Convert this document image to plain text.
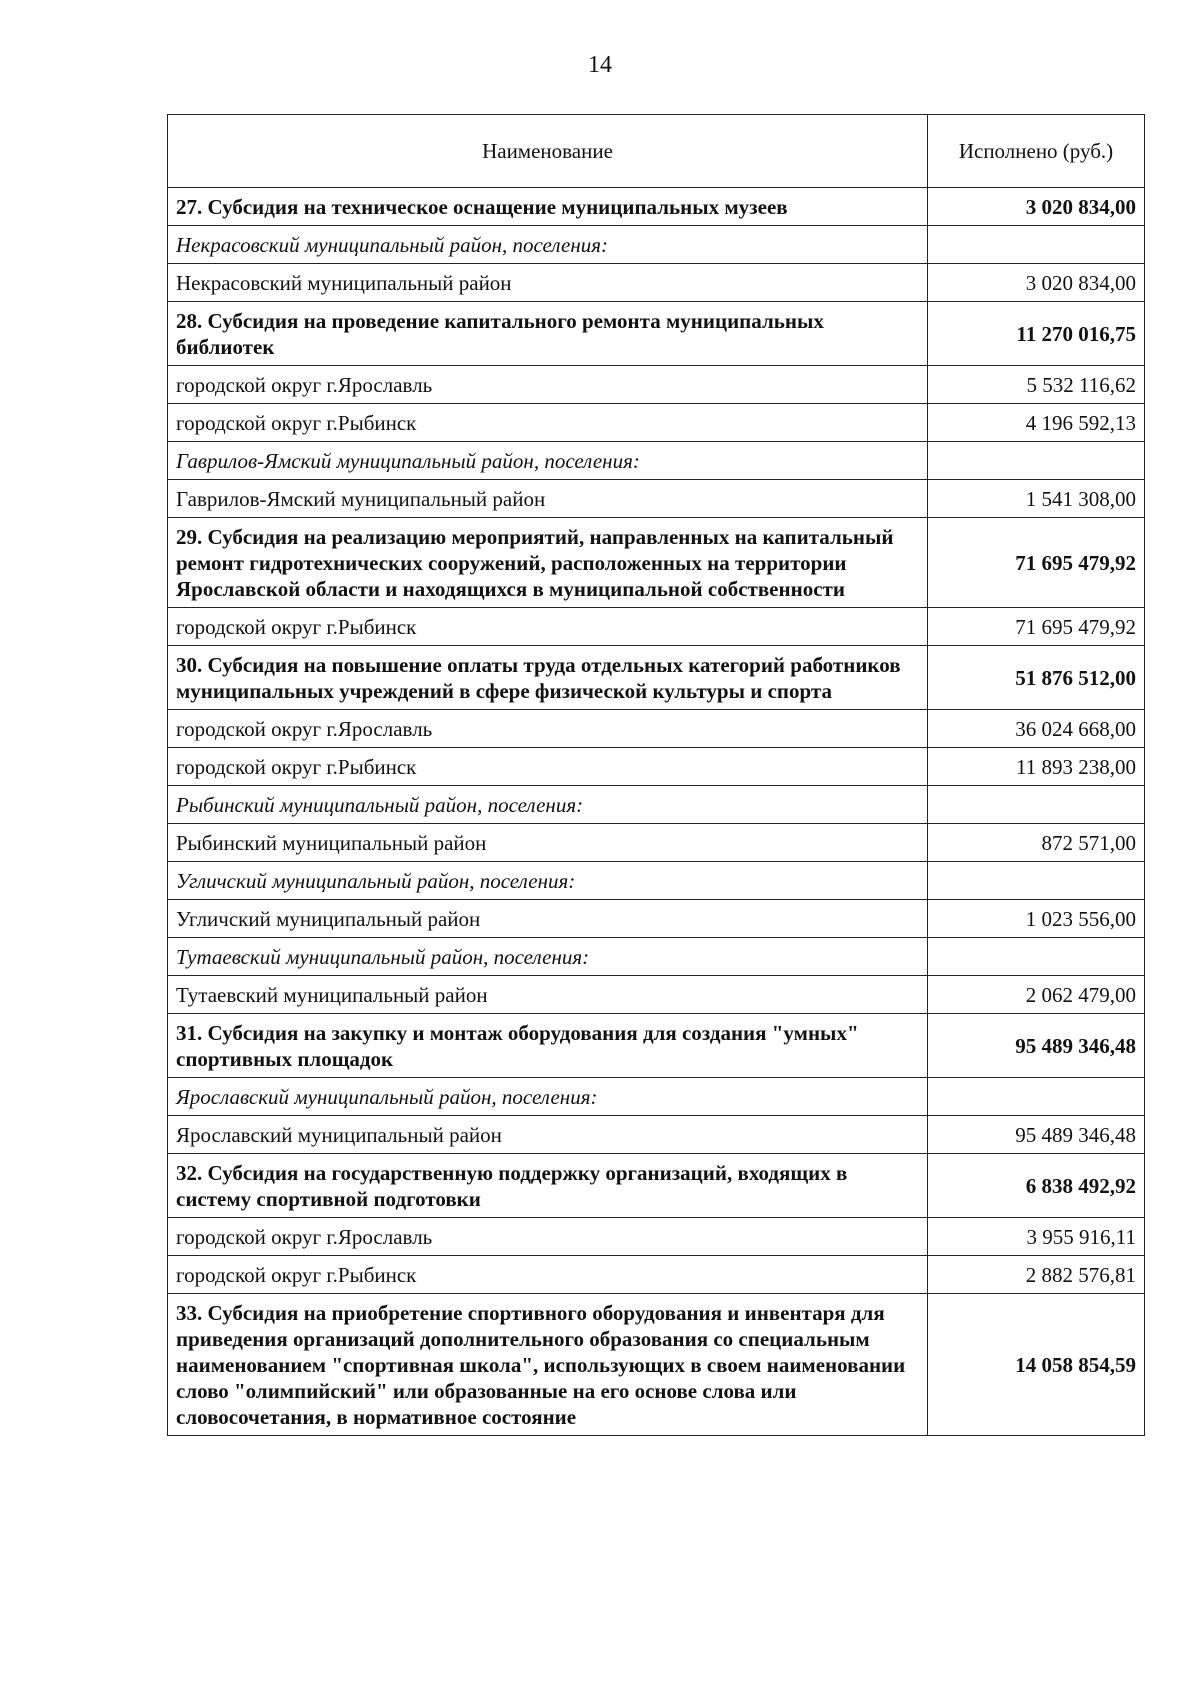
14
Наименование	Исполнено (руб.)
27. Субсидия на техническое оснащение муниципальных музеев	3 020 834,00
Некрасовский муниципальный район, поселения:	
Некрасовский муниципальный район	3 020 834,00
28. Субсидия на проведение капитального ремонта муниципальных библиотек	11 270 016,75
городской округ г.Ярославль	5 532 116,62
городской округ г.Рыбинск	4 196 592,13
Гаврилов-Ямский муниципальный район, поселения:	
Гаврилов-Ямский муниципальный район	1 541 308,00
29. Субсидия на реализацию мероприятий, направленных на капитальный ремонт гидротехнических сооружений, расположенных на территории Ярославской области и находящихся в муниципальной собственности	71 695 479,92
городской округ г.Рыбинск	71 695 479,92
30. Субсидия на повышение оплаты труда отдельных категорий работников муниципальных учреждений в сфере физической культуры и спорта	51 876 512,00
городской округ г.Ярославль	36 024 668,00
городской округ г.Рыбинск	11 893 238,00
Рыбинский муниципальный район, поселения:	
Рыбинский муниципальный район	872 571,00
Угличский муниципальный район, поселения:	
Угличский муниципальный район	1 023 556,00
Тутаевский муниципальный район, поселения:	
Тутаевский муниципальный район	2 062 479,00
31. Субсидия на закупку и монтаж оборудования для создания "умных" спортивных площадок	95 489 346,48
Ярославский муниципальный район, поселения:	
Ярославский муниципальный район	95 489 346,48
32. Субсидия на государственную поддержку организаций, входящих в систему спортивной подготовки	6 838 492,92
городской округ г.Ярославль	3 955 916,11
городской округ г.Рыбинск	2 882 576,81
33. Субсидия на приобретение спортивного оборудования и инвентаря для приведения организаций дополнительного образования со специальным наименованием "спортивная школа", использующих в своем наименовании слово "олимпийский" или образованные на его основе слова или словосочетания, в нормативное состояние	14 058 854,59
